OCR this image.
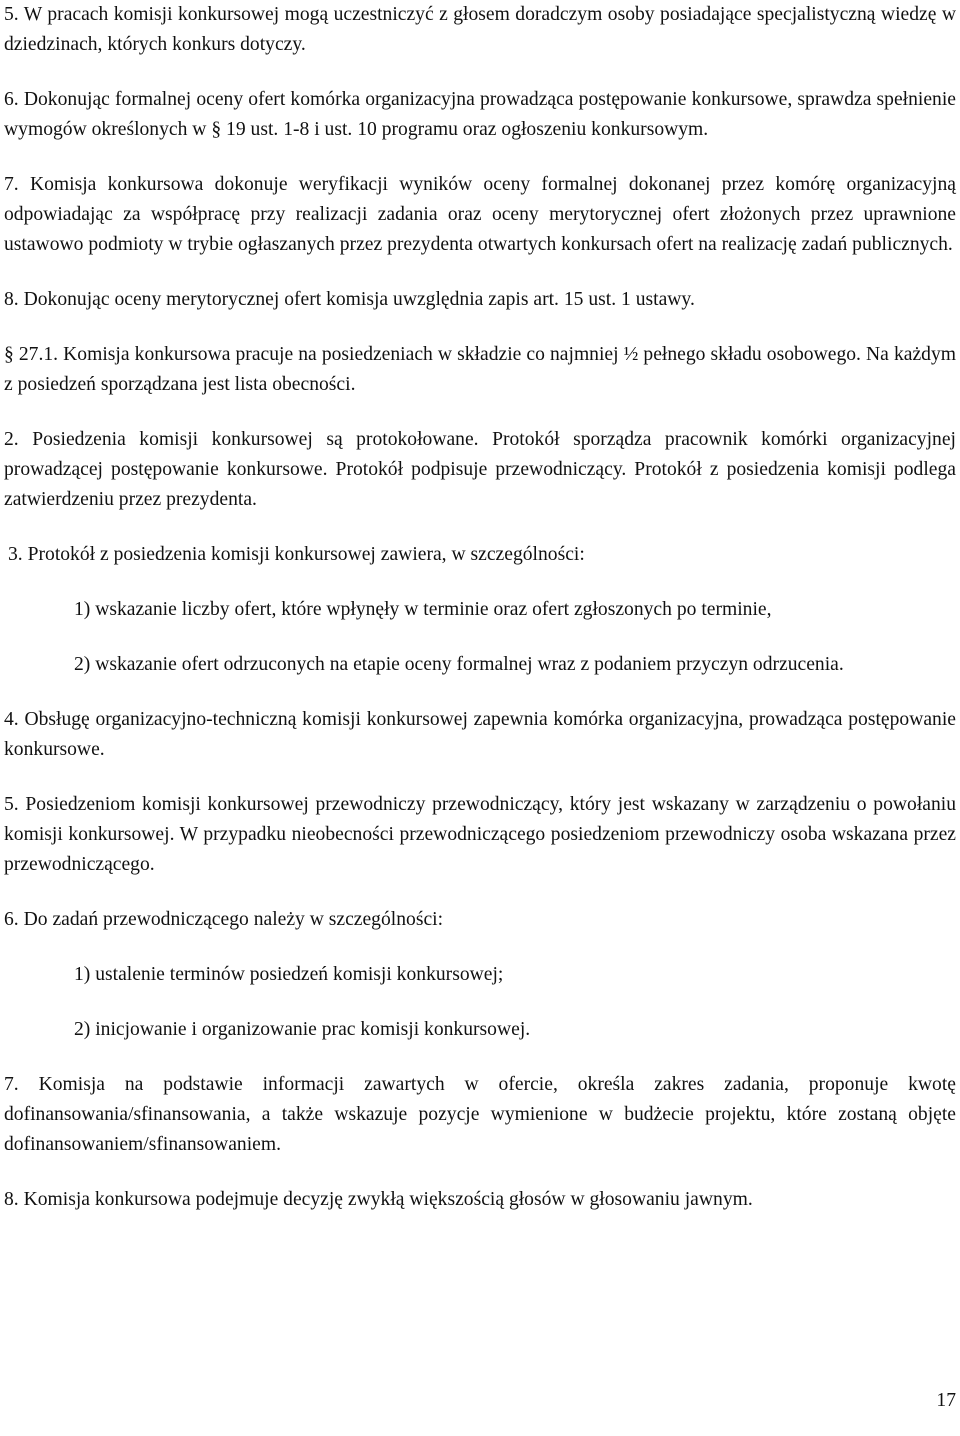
5. W pracach komisji konkursowej mogą uczestniczyć z głosem doradczym osoby posiadające specjalistyczną wiedzę w dziedzinach, których konkurs dotyczy.

6. Dokonując formalnej oceny ofert komórka organizacyjna prowadząca postępowanie konkursowe, sprawdza spełnienie wymogów określonych w § 19 ust. 1-8 i ust. 10 programu oraz ogłoszeniu konkursowym.

7. Komisja konkursowa dokonuje weryfikacji wyników oceny formalnej dokonanej przez komórę organizacyjną odpowiadając za współpracę przy realizacji zadania oraz oceny merytorycznej ofert złożonych przez uprawnione ustawowo podmioty w trybie ogłaszanych przez prezydenta otwartych konkursach ofert na realizację zadań publicznych.

8. Dokonując oceny merytorycznej ofert komisja uwzględnia zapis art. 15 ust. 1 ustawy.

§ 27.1. Komisja konkursowa pracuje na posiedzeniach w składzie co najmniej ½ pełnego składu osobowego. Na każdym z posiedzeń sporządzana jest lista obecności.

2. Posiedzenia komisji konkursowej są protokołowane. Protokół sporządza pracownik komórki organizacyjnej prowadzącej postępowanie konkursowe. Protokół podpisuje przewodniczący. Protokół z posiedzenia komisji podlega zatwierdzeniu przez prezydenta.

3. Protokół z posiedzenia komisji konkursowej zawiera, w szczególności:

1) wskazanie liczby ofert, które wpłynęły w terminie oraz ofert zgłoszonych po terminie,

2) wskazanie ofert odrzuconych na etapie oceny formalnej wraz z podaniem przyczyn odrzucenia.

4. Obsługę organizacyjno-techniczną komisji konkursowej zapewnia komórka organizacyjna, prowadząca postępowanie konkursowe.

5. Posiedzeniom komisji konkursowej przewodniczy przewodniczący, który jest wskazany w zarządzeniu o powołaniu komisji konkursowej. W przypadku nieobecności przewodniczącego posiedzeniom przewodniczy osoba wskazana przez przewodniczącego.

6. Do zadań przewodniczącego należy w szczególności:

1) ustalenie terminów posiedzeń komisji konkursowej;

2) inicjowanie i organizowanie prac komisji konkursowej.

7. Komisja na podstawie informacji zawartych w ofercie, określa zakres zadania, proponuje kwotę dofinansowania/sfinansowania, a także wskazuje pozycje wymienione w budżecie projektu, które zostaną objęte dofinansowaniem/sfinansowaniem.

8. Komisja konkursowa podejmuje decyzję zwykłą większością głosów w głosowaniu jawnym.

17
